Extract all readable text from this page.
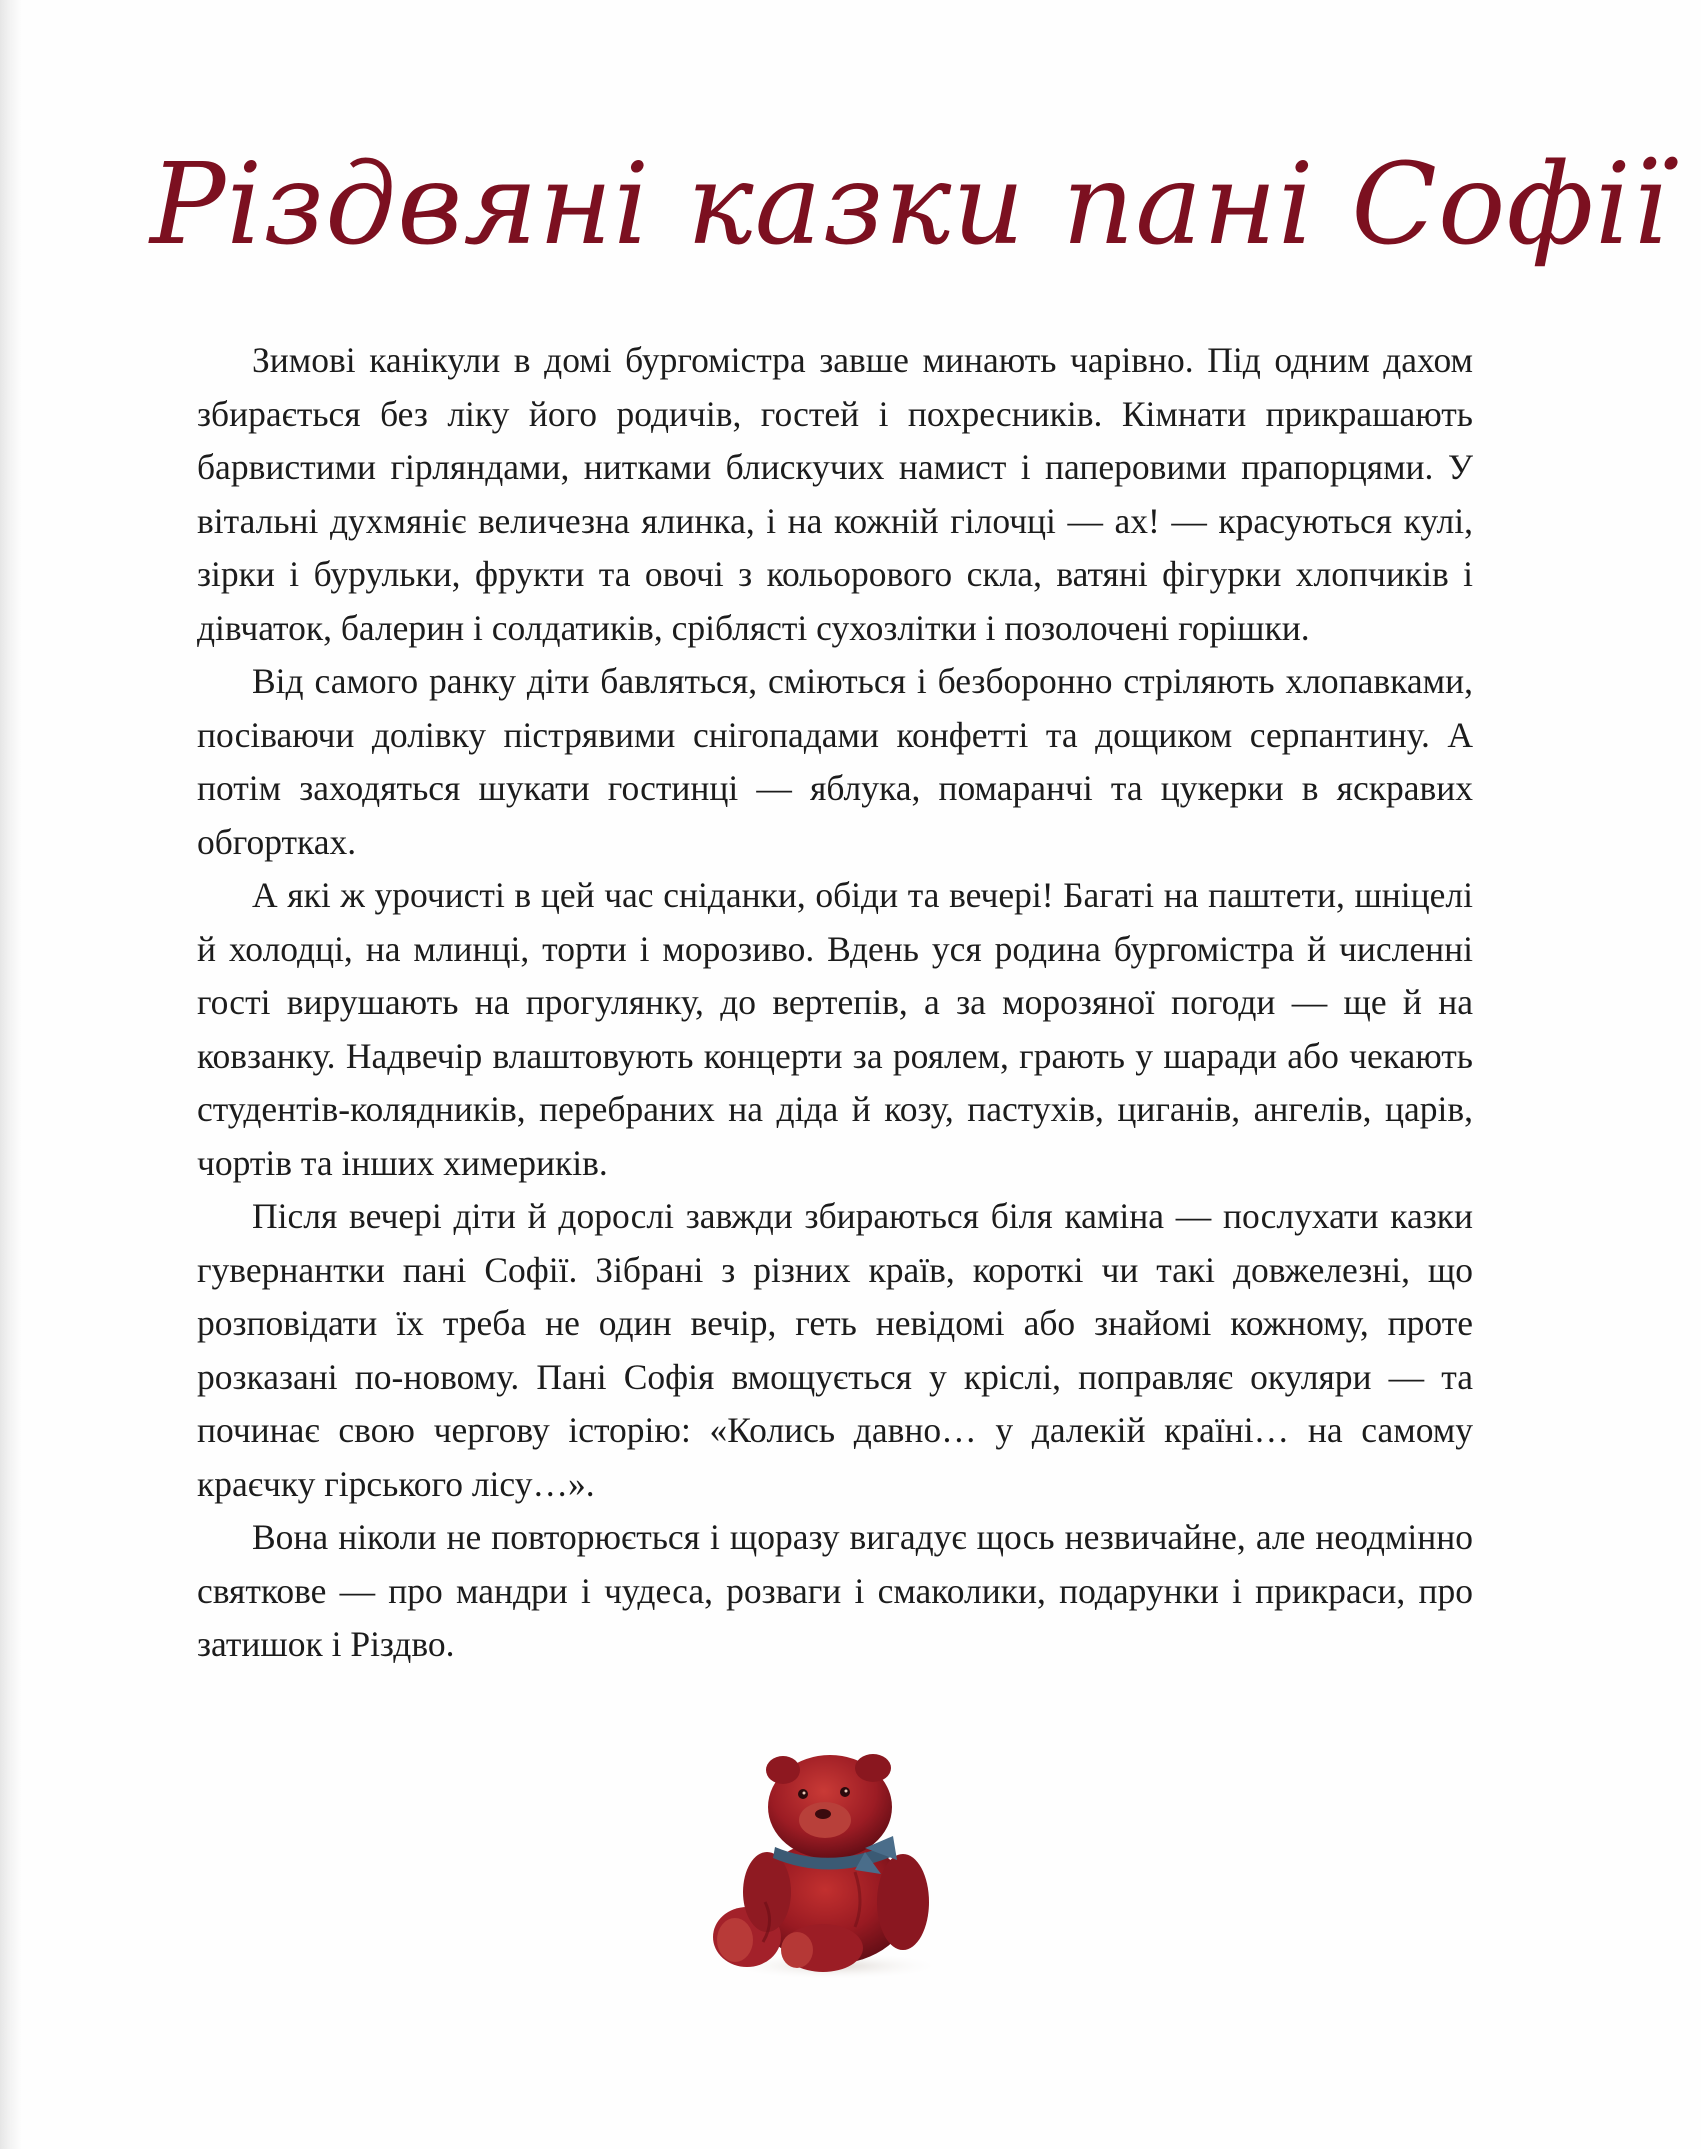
Різдвяні казки пані Софії

Зимові канікули в домі бургомістра завше минають чарівно. Під одним дахом збирається без ліку його родичів, гостей і похресників. Кімнати прикрашають барвистими гірляндами, нитками блискучих намист і паперовими прапорцями. У вітальні духмяніє величезна ялинка, і на кожній гілочці — ах! — красуються кулі, зірки і бурульки, фрукти та овочі з кольорового скла, ватяні фігурки хлопчиків і дівчаток, балерин і солдатиків, сріблясті сухозлітки і позолочені горішки.

Від самого ранку діти бавляться, сміються і безборонно стріляють хлопавками, посіваючи долівку пістрявими снігопадами конфетті та дощиком серпантину. А потім заходяться шукати гостинці — яблука, помаранчі та цукерки в яскравих обгортках.

А які ж урочисті в цей час сніданки, обіди та вечері! Багаті на паштети, шніцелі й холодці, на млинці, торти і морозиво. Вдень уся родина бургомістра й численні гості вирушають на прогулянку, до вертепів, а за морозяної погоди — ще й на ковзанку. Надвечір влаштовують концерти за роялем, грають у шаради або чекають студентів-колядників, перебраних на діда й козу, пастухів, циганів, ангелів, царів, чортів та інших химериків.

Після вечері діти й дорослі завжди збираються біля каміна — послухати казки гувернантки пані Софії. Зібрані з різних країв, короткі чи такі довжелезні, що розповідати їх треба не один вечір, геть невідомі або знайомі кожному, проте розказані по-новому. Пані Софія вмощується у кріслі, поправляє окуляри — та починає свою чергову історію: «Колись давно… у далекій країні… на самому краєчку гірського лісу…».

Вона ніколи не повторюється і щоразу вигадує щось незвичайне, але неодмінно святкове — про мандри і чудеса, розваги і смаколики, подарунки і прикраси, про затишок і Різдво.
